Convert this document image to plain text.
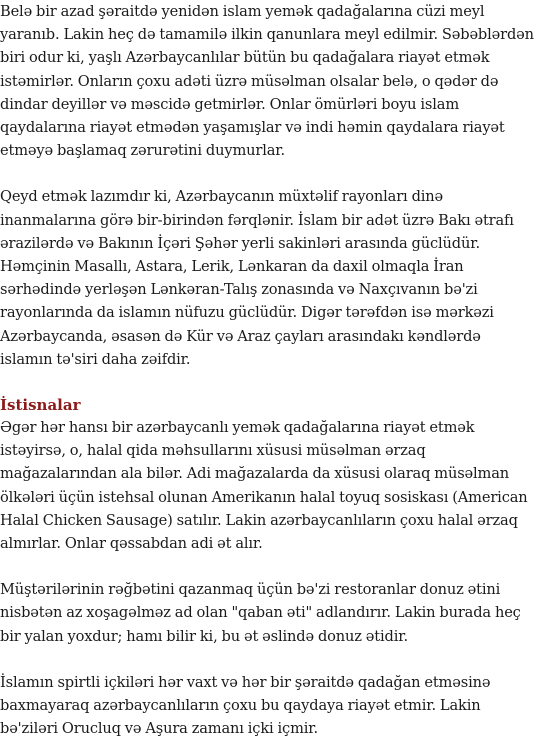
Belə bir azad şəraitdə yenidən islam yemək qadağalarına cüzi meyl yaranıb. Lakin heç də tamamilə ilkin qanunlara meyl edilmir. Səbəblərdən biri odur ki, yaşlı Azərbaycanlılar bütün bu qadağalara riayət etmək istəmirlər. Onların çoxu adəti üzrə müsəlman olsalar belə, o qədər də dindar deyillər və məscidə getmirlər. Onlar ömürləri boyu islam qaydalarına riayət etmədən yaşamışlar və indi həmin qaydalara riayət etməyə başlamaq zərurətini duymurlar.

Qeyd etmək lazımdır ki, Azərbaycanın müxtəlif rayonları dinə inanmalarına görə bir-birindən fərqlənir. İslam bir adət üzrə Bakı ətrafı ərazilərdə və Bakının İçəri Şəhər yerli sakinləri arasında güclüdür. Həmçinin Masallı, Astara, Lerik, Lənkaran da daxil olmaqla İran sərhədində yerləşən Lənkəran-Talış zonasında və Naxçıvanın bə'zi rayonlarında da islamın nüfuzu güclüdür. Digər tərəfdən isə mərkəzi Azərbaycanda, əsasən də Kür və Araz çayları arasındakı kəndlərdə islamın tə'siri daha zəifdir.

İstisnalar

Əgər hər hansı bir azərbaycanlı yemək qadağalarına riayət etmək istəyirsə, o, halal qida məhsullarını xüsusi müsəlman ərzaq mağazalarından ala bilər. Adi mağazalarda da xüsusi olaraq müsəlman ölkələri üçün istehsal olunan Amerikanın halal toyuq sosiskası (American Halal Chicken Sausage) satılır. Lakin azərbaycanlıların çoxu halal ərzaq almırlar. Onlar qəssabdan adi ət alır.

Müştərilərinin rəğbətini qazanmaq üçün bə'zi restoranlar donuz ətini nisbətən az xoşagəlməz ad olan "qaban əti" adlandırır. Lakin burada heç bir yalan yoxdur; hamı bilir ki, bu ət əslində donuz ətidir.

İslamın spirtli içkiləri hər vaxt və hər bir şəraitdə qadağan etməsinə baxmayaraq azərbaycanlıların çoxu bu qaydaya riayət etmir. Lakin bə'ziləri Orucluq və Aşura zamanı içki içmir.
